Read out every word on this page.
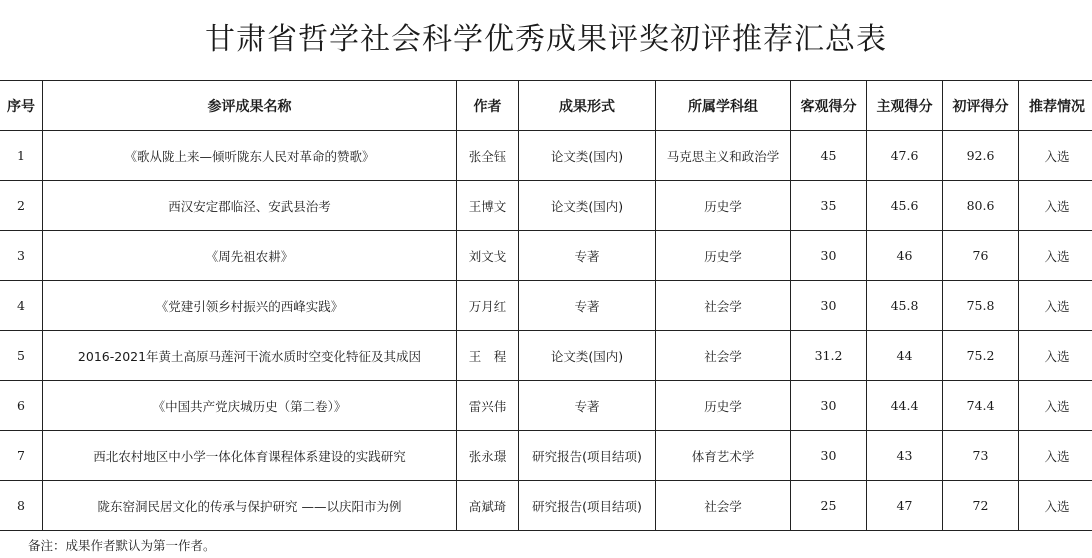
甘肃省哲学社会科学优秀成果评奖初评推荐汇总表
序号	参评成果名称	作者	成果形式	所属学科组	客观得分	主观得分	初评得分	推荐情况
1	《歌从陇上来—倾听陇东人民对革命的赞歌》	张全钰	论文类(国内)	马克思主义和政治学	45	47.6	92.6	入选
2	西汉安定郡临泾、安武县治考	王博文	论文类(国内)	历史学	35	45.6	80.6	入选
3	《周先祖农耕》	刘文戈	专著	历史学	30	46	76	入选
4	《党建引领乡村振兴的西峰实践》	万月红	专著	社会学	30	45.8	75.8	入选
5	2016-2021年黄土高原马莲河干流水质时空变化特征及其成因	王　程	论文类(国内)	社会学	31.2	44	75.2	入选
6	《中国共产党庆城历史（第二卷）》	雷兴伟	专著	历史学	30	44.4	74.4	入选
7	西北农村地区中小学一体化体育课程体系建设的实践研究	张永璟	研究报告(项目结项)	体育艺术学	30	43	73	入选
8	陇东窑洞民居文化的传承与保护研究 ——以庆阳市为例	高斌琦	研究报告(项目结项)	社会学	25	47	72	入选
备注：成果作者默认为第一作者。
